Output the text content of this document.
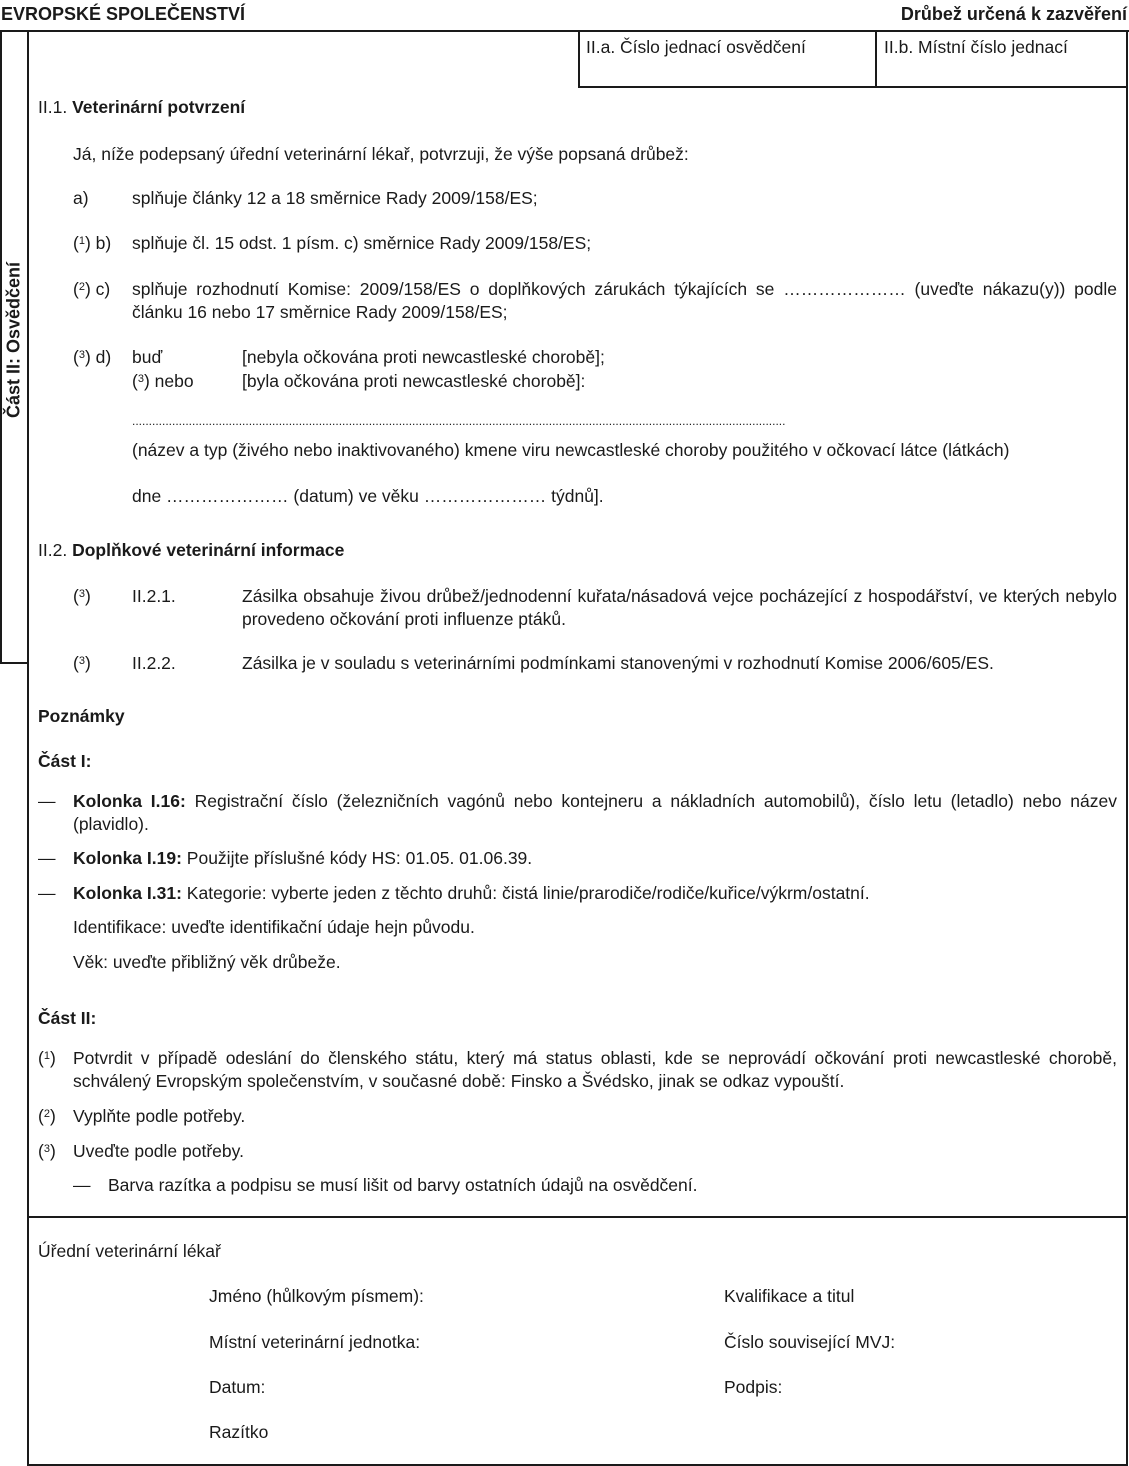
EVROPSKÉ SPOLEČENSTVÍ	Drůbež určená k zazvěření
II.a. Číslo jednací osvědčení	II.b. Místní číslo jednací
Část II: Osvědčení
II.1. Veterinární potvrzení
Já, níže podepsaný úřední veterinární lékař, potvrzuji, že výše popsaná drůbež:
a) splňuje články 12 a 18 směrnice Rady 2009/158/ES;
($^1$) b) splňuje čl. 15 odst. 1 písm. c) směrnice Rady 2009/158/ES;
($^2$) c) splňuje rozhodnutí Komise: 2009/158/ES o doplňkových zárukách týkajících se ………………… (uveďte nákazu(y)) podle článku 16 nebo 17 směrnice Rady 2009/158/ES;
($^3$) d) buď	[nebyla očkována proti newcastleské chorobě];
($^3$) nebo	[byla očkována proti newcastleské chorobě]:
....................................................................................................................................................................................................
(název a typ (živého nebo inaktivovaného) kmene viru newcastleské choroby použitého v očkovací látce (látkách)
dne ………………… (datum) ve věku ………………… týdnů].
II.2. Doplňkové veterinární informace
($^3$) II.2.1.	Zásilka obsahuje živou drůbež/jednodenní kuřata/násadová vejce pocházející z hospodářství, ve kterých nebylo provedeno očkování proti influenze ptáků.
($^3$) II.2.2.	Zásilka je v souladu s veterinárními podmínkami stanovenými v rozhodnutí Komise 2006/605/ES.
Poznámky
Část I:
— Kolonka I.16: Registrační číslo (železničních vagónů nebo kontejneru a nákladních automobilů), číslo letu (letadlo) nebo název (plavidlo).
— Kolonka I.19: Použijte příslušné kódy HS: 01.05. 01.06.39.
— Kolonka I.31: Kategorie: vyberte jeden z těchto druhů: čistá linie/prarodiče/rodiče/kuřice/výkrm/ostatní.
Identifikace: uveďte identifikační údaje hejn původu.
Věk: uveďte přibližný věk drůbeže.
Část II:
($^1$) Potvrdit v případě odeslání do členského státu, který má status oblasti, kde se neprovádí očkování proti newcastleské chorobě, schválený Evropským společenstvím, v současné době: Finsko a Švédsko, jinak se odkaz vypouští.
($^2$) Vyplňte podle potřeby.
($^3$) Uveďte podle potřeby.
— Barva razítka a podpisu se musí lišit od barvy ostatních údajů na osvědčení.
Úřední veterinární lékař
Jméno (hůlkovým písmem):	Kvalifikace a titul
Místní veterinární jednotka:	Číslo související MVJ:
Datum:	Podpis:
Razítko
